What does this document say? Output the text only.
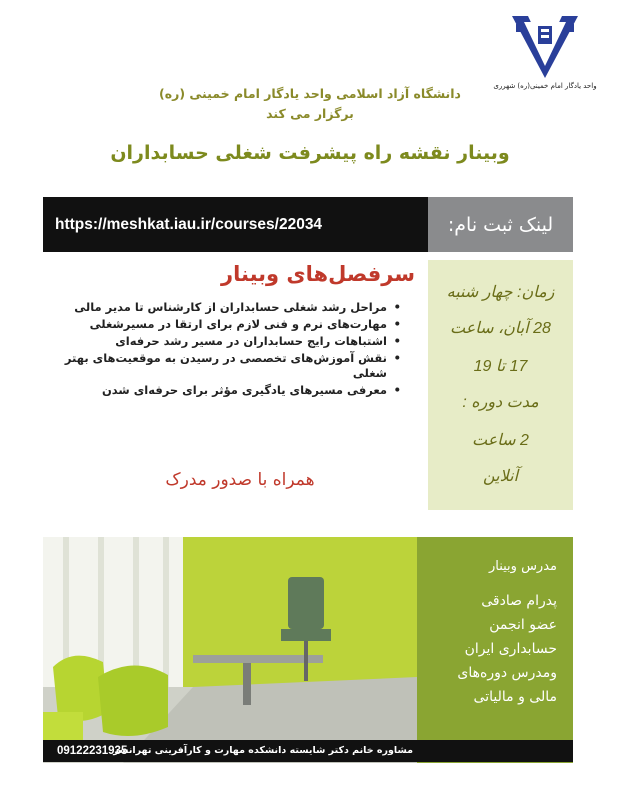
واحد یادگار امام خمینی(ره) شهرری
دانشگاه آزاد اسلامی واحد یادگار امام خمینی (ره)
برگزار می کند
وبینار نقشه راه پیشرفت شغلی حسابداران
لینک ثبت نام:
https://meshkat.iau.ir/courses/22034
زمان: چهار شنبه
28 آبان، ساعت
17 تا 19
مدت دوره :
2 ساعت
آنلاین
سرفصل‌های وبینار
• مراحل رشد شغلی حسابداران از کارشناس تا مدیر مالی
• مهارت‌های نرم و فنی لازم برای ارتقا در مسیرشغلی
• اشتباهات رایج حسابداران در مسیر رشد حرفه‌ای
• نقش آموزش‌های تخصصی در رسیدن به موقعیت‌های بهتر شغلی
• معرفی مسیرهای یادگیری مؤثر برای حرفه‌ای شدن
همراه با صدور مدرک
مدرس وبینار
پدرام صادقی
عضو انجمن
حسابداری ایران
ومدرس دوره‌های
مالی و مالیاتی
مشاوره خانم دکتر شایسته دانشکده مهارت و کارآفرینی تهرانسر
09122231935
